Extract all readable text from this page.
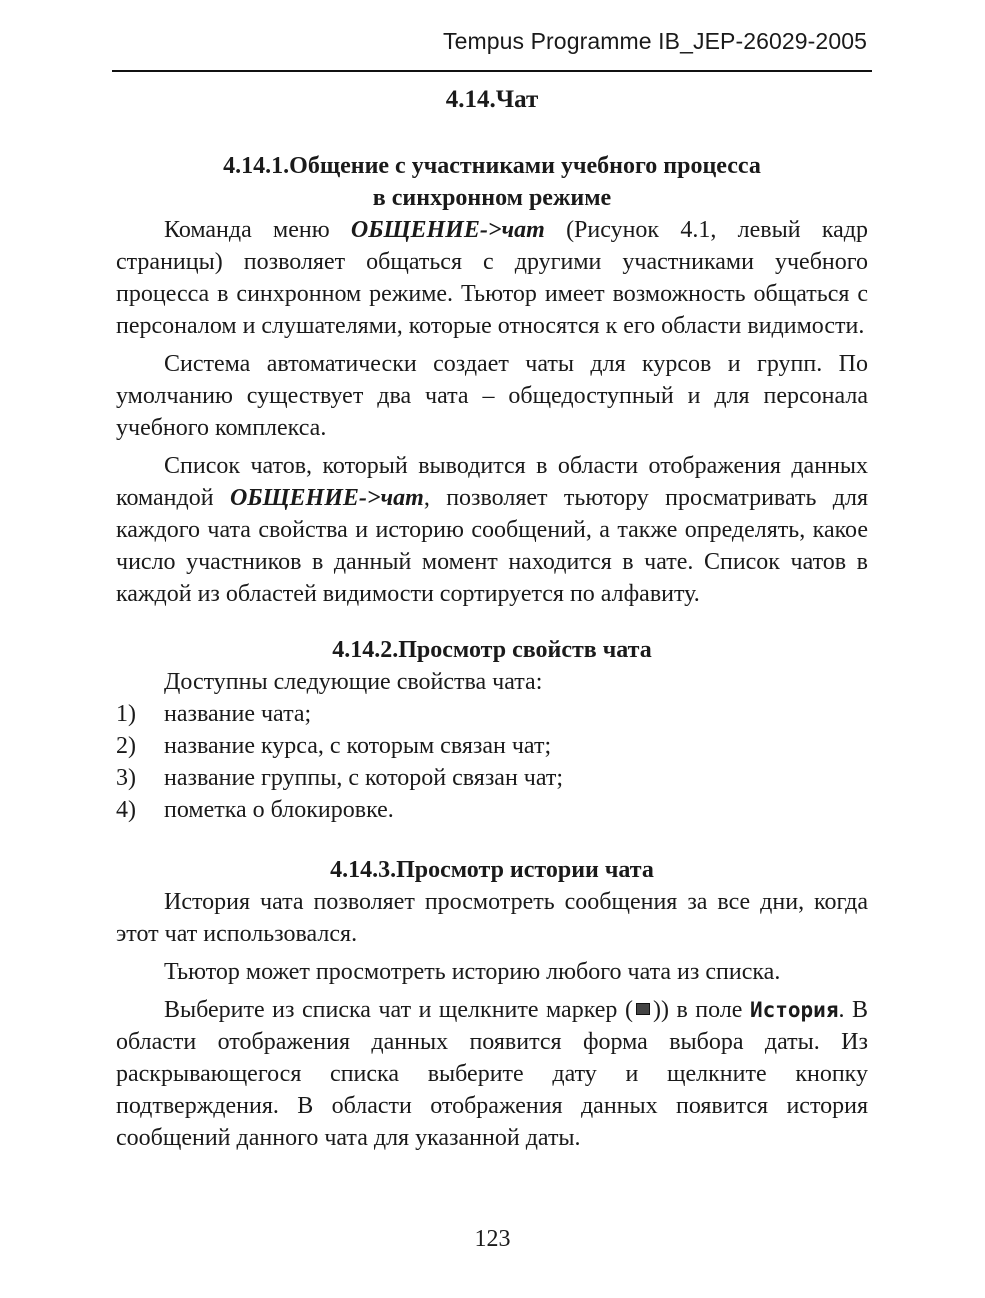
Tempus Programme IB_JEP-26029-2005
4.14.Чат
4.14.1.Общение с участниками учебного процесса
в синхронном режиме

Команда меню ОБЩЕНИЕ->чат (Рисунок 4.1, левый кадр страницы) позволяет общаться с другими участниками учебного процесса в синхронном режиме. Тьютор имеет возможность общаться с персоналом и слушателями, которые относятся к его области видимости.

Система автоматически создает чаты для курсов и групп. По умолчанию существует два чата – общедоступный и для персонала учебного комплекса.

Список чатов, который выводится в области отображения данных командой ОБЩЕНИЕ->чат, позволяет тьютору просматривать для каждого чата свойства и историю сообщений, а также определять, какое число участников в данный момент находится в чате. Список чатов в каждой из областей видимости сортируется по алфавиту.

4.14.2.Просмотр свойств чата

Доступны следующие свойства чата:

1)	название чата;
2)	название курса, с которым связан чат;
3)	название группы, с которой связан чат;
4)	пометка о блокировке.
4.14.3.Просмотр истории чата

История чата позволяет просмотреть сообщения за все дни, когда этот чат использовался.

Тьютор может просмотреть историю любого чата из списка.

Выберите из списка чат и щелкните маркер ( )) в поле История. В области отображения данных появится форма выбора даты. Из раскрывающегося списка выберите дату и щелкните кнопку подтверждения. В области отображения данных появится история сообщений данного чата для указанной даты.

123
